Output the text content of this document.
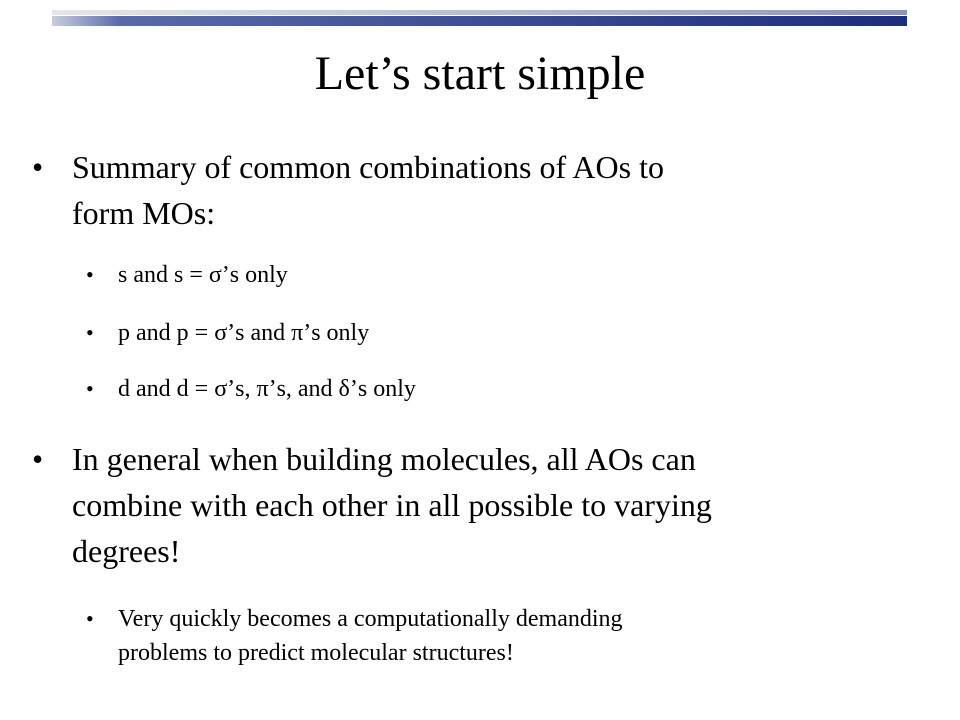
Let’s start simple
• Summary of common combinations of AOs to
form MOs:
• s and s = σ’s only
• p and p = σ’s and π’s only
• d and d = σ’s, π’s, and δ’s only
• In general when building molecules, all AOs can
combine with each other in all possible to varying
degrees!
• Very quickly becomes a computationally demanding
problems to predict molecular structures!
